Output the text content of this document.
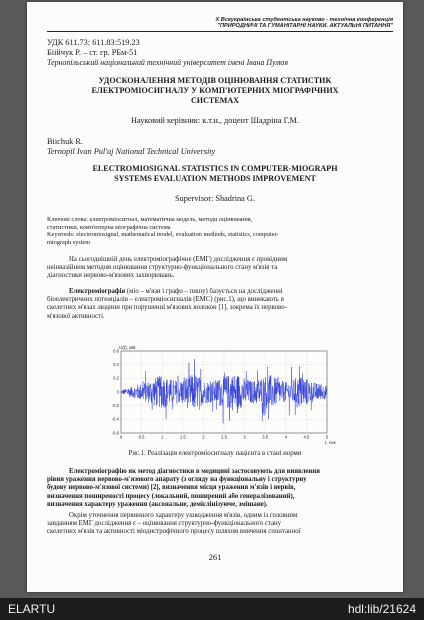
X Всеукраїнська студентська науково - технічна конференція
"ПРИРОДНИЧІ ТА ГУМАНІТАРНІ НАУКИ. АКТУАЛЬНІ ПИТАННЯ"
УДК 611.73: 611.83:519.23
Біійчук Р. – ст. гр. РБм-51
Тернопільський національний технічний університет імені Івана Пулюя
УДОСКОНАЛЕННЯ МЕТОДІВ ОЦІНЮВАННЯ СТАТИСТИК
ЕЛЕКТРОМІОСИГНАЛУ У КОМП'ЮТЕРНИХ МІОГРАФІЧНИХ
СИСТЕМАХ
Науковий керівник: к.т.н., доцент Шадріна Г.М.
Biichuk R.
Ternopil Ivan Pul'uj National Technical University
ELECTROMIOSIGNAL STATISTICS IN COMPUTER-MIOGRAPH
SYSTEMS EVALUATION METHODS IMPROVEMENT
Supervisor: Shadrina G.
Ключові слова: електроміосигнал, математична модель, методи оцінювання,
статистики, комп'ютерна міографічна система
Keywords: electromiosignal, mathematical model, evaluation methods, statistics, computer-
miograph system
На сьогоднішній день електроміографічне (ЕМГ) дослідження є провідним
неінвазійним методом оцінювання структурно-функціонального стану м'язів та
діагностики нервово-м'язових захворювань.
Електроміографія (міо – м'язи і графо – пишу) базується на дослідженні
біоелектричних потенціалів – електроміосигналів (ЕМС) (рис.1), що виникають в
скелетних м'язах людини при порушенні м'язових волокон [1], зокрема їх нервово-
м'язової активності.
0	0.5	1	1.5	2	2.5	3	3.5	4	4.5	5
0.6
0.4
0.2
0
-0.2
-0.4
-0.6
U(t), мВ
t, сек
Рис.1. Реалізація електроміосигналу пацієнта в стані норми
Електроміографію як метод діагностики в медицині застосовують для виявлення
рівня ураження нервово-м'язового апарату (з огляду на функціональну і структурну
будову нервово-м'язової системи) [2], визначення місця ураження м'язів і нервів,
визначення поширеності процесу (локальний, поширений або генералізований),
визначення характеру ураження (аксональне, демієлінізуюче, змішане).
Окрім уточнення первинного характеру ушкодження м'язів, одним із головним
завданням ЕМГ дослідження є – оцінювання структурно-функціонального стану
скелетних м'язів та активності міодистрофічного процесу шляхом вивчення спонтанної
261
ELARTU	hdl:lib/21624
